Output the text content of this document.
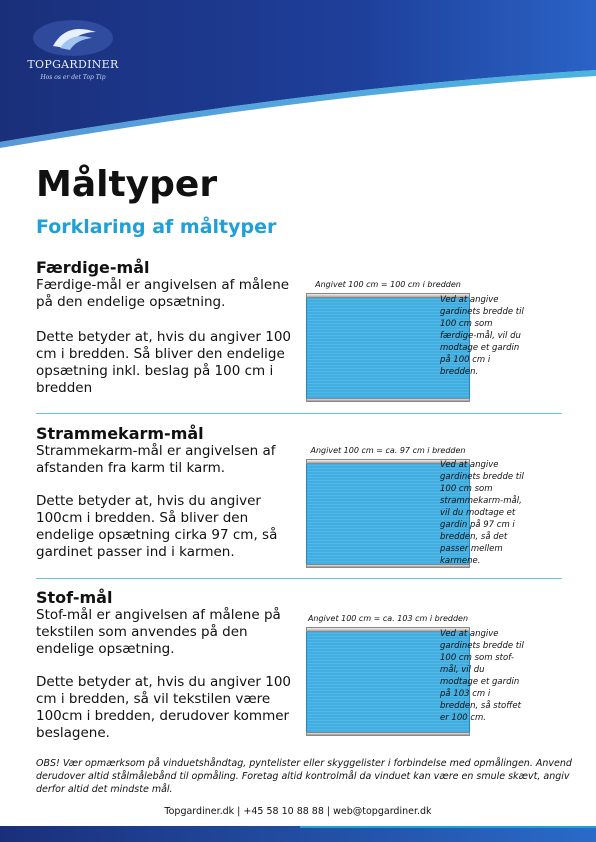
TOPGARDINER
Hos os er det Top Tip
Måltyper
Forklaring af måltyper
Færdige-mål
Færdige-mål er angivelsen af målene på den endelige opsætning.
Dette betyder at, hvis du angiver 100 cm i bredden. Så bliver den endelige opsætning inkl. beslag på 100 cm i bredden
Angivet 100 cm = 100 cm i bredden
Ved at angive gardinets bredde til 100 cm som færdige-mål, vil du modtage et gardin på 100 cm i bredden.
Strammekarm-mål
Strammekarm-mål er angivelsen af afstanden fra karm til karm.
Dette betyder at, hvis du angiver 100cm i bredden. Så bliver den endelige opsætning cirka 97 cm, så gardinet passer ind i karmen.
Angivet 100 cm = ca. 97 cm i bredden
Ved at angive gardinets bredde til 100 cm som strammekarm-mål, vil du modtage et gardin på 97 cm i bredden, så det passer mellem karmene.
Stof-mål
Stof-mål er angivelsen af målene på tekstilen som anvendes på den endelige opsætning.
Dette betyder at, hvis du angiver 100 cm i bredden, så vil tekstilen være 100cm i bredden, derudover kommer beslagene.
Angivet 100 cm = ca. 103 cm i bredden
Ved at angive gardinets bredde til 100 cm som stof-mål, vil du modtage et gardin på 103 cm i bredden, så stoffet er 100 cm.
OBS! Vær opmærksom på vinduetshåndtag, pyntelister eller skyggelister i forbindelse med opmålingen. Anvend derudover altid stålmålebånd til opmåling. Foretag altid kontrolmål da vinduet kan være en smule skævt, angiv derfor altid det mindste mål.
Topgardiner.dk | +45 58 10 88 88 | web@topgardiner.dk
